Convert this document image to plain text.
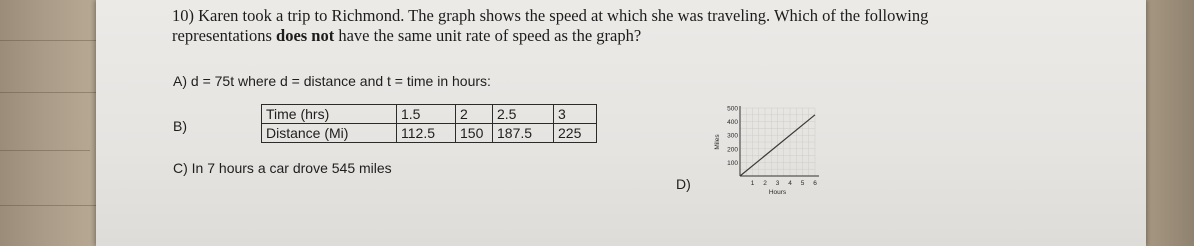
10) Karen took a trip to Richmond. The graph shows the speed at which she was traveling. Which of the following
representations does not have the same unit rate of speed as the graph?
A) d = 75t where d = distance and t = time in hours:
B)
Time (hrs)	1.5	2	2.5	3
Distance (Mi)	112.5	150	187.5	225
C) In 7 hours a car drove 545 miles
D)
100
200
300
400
500
1 2 3 4 5 6
Hours
Miles
